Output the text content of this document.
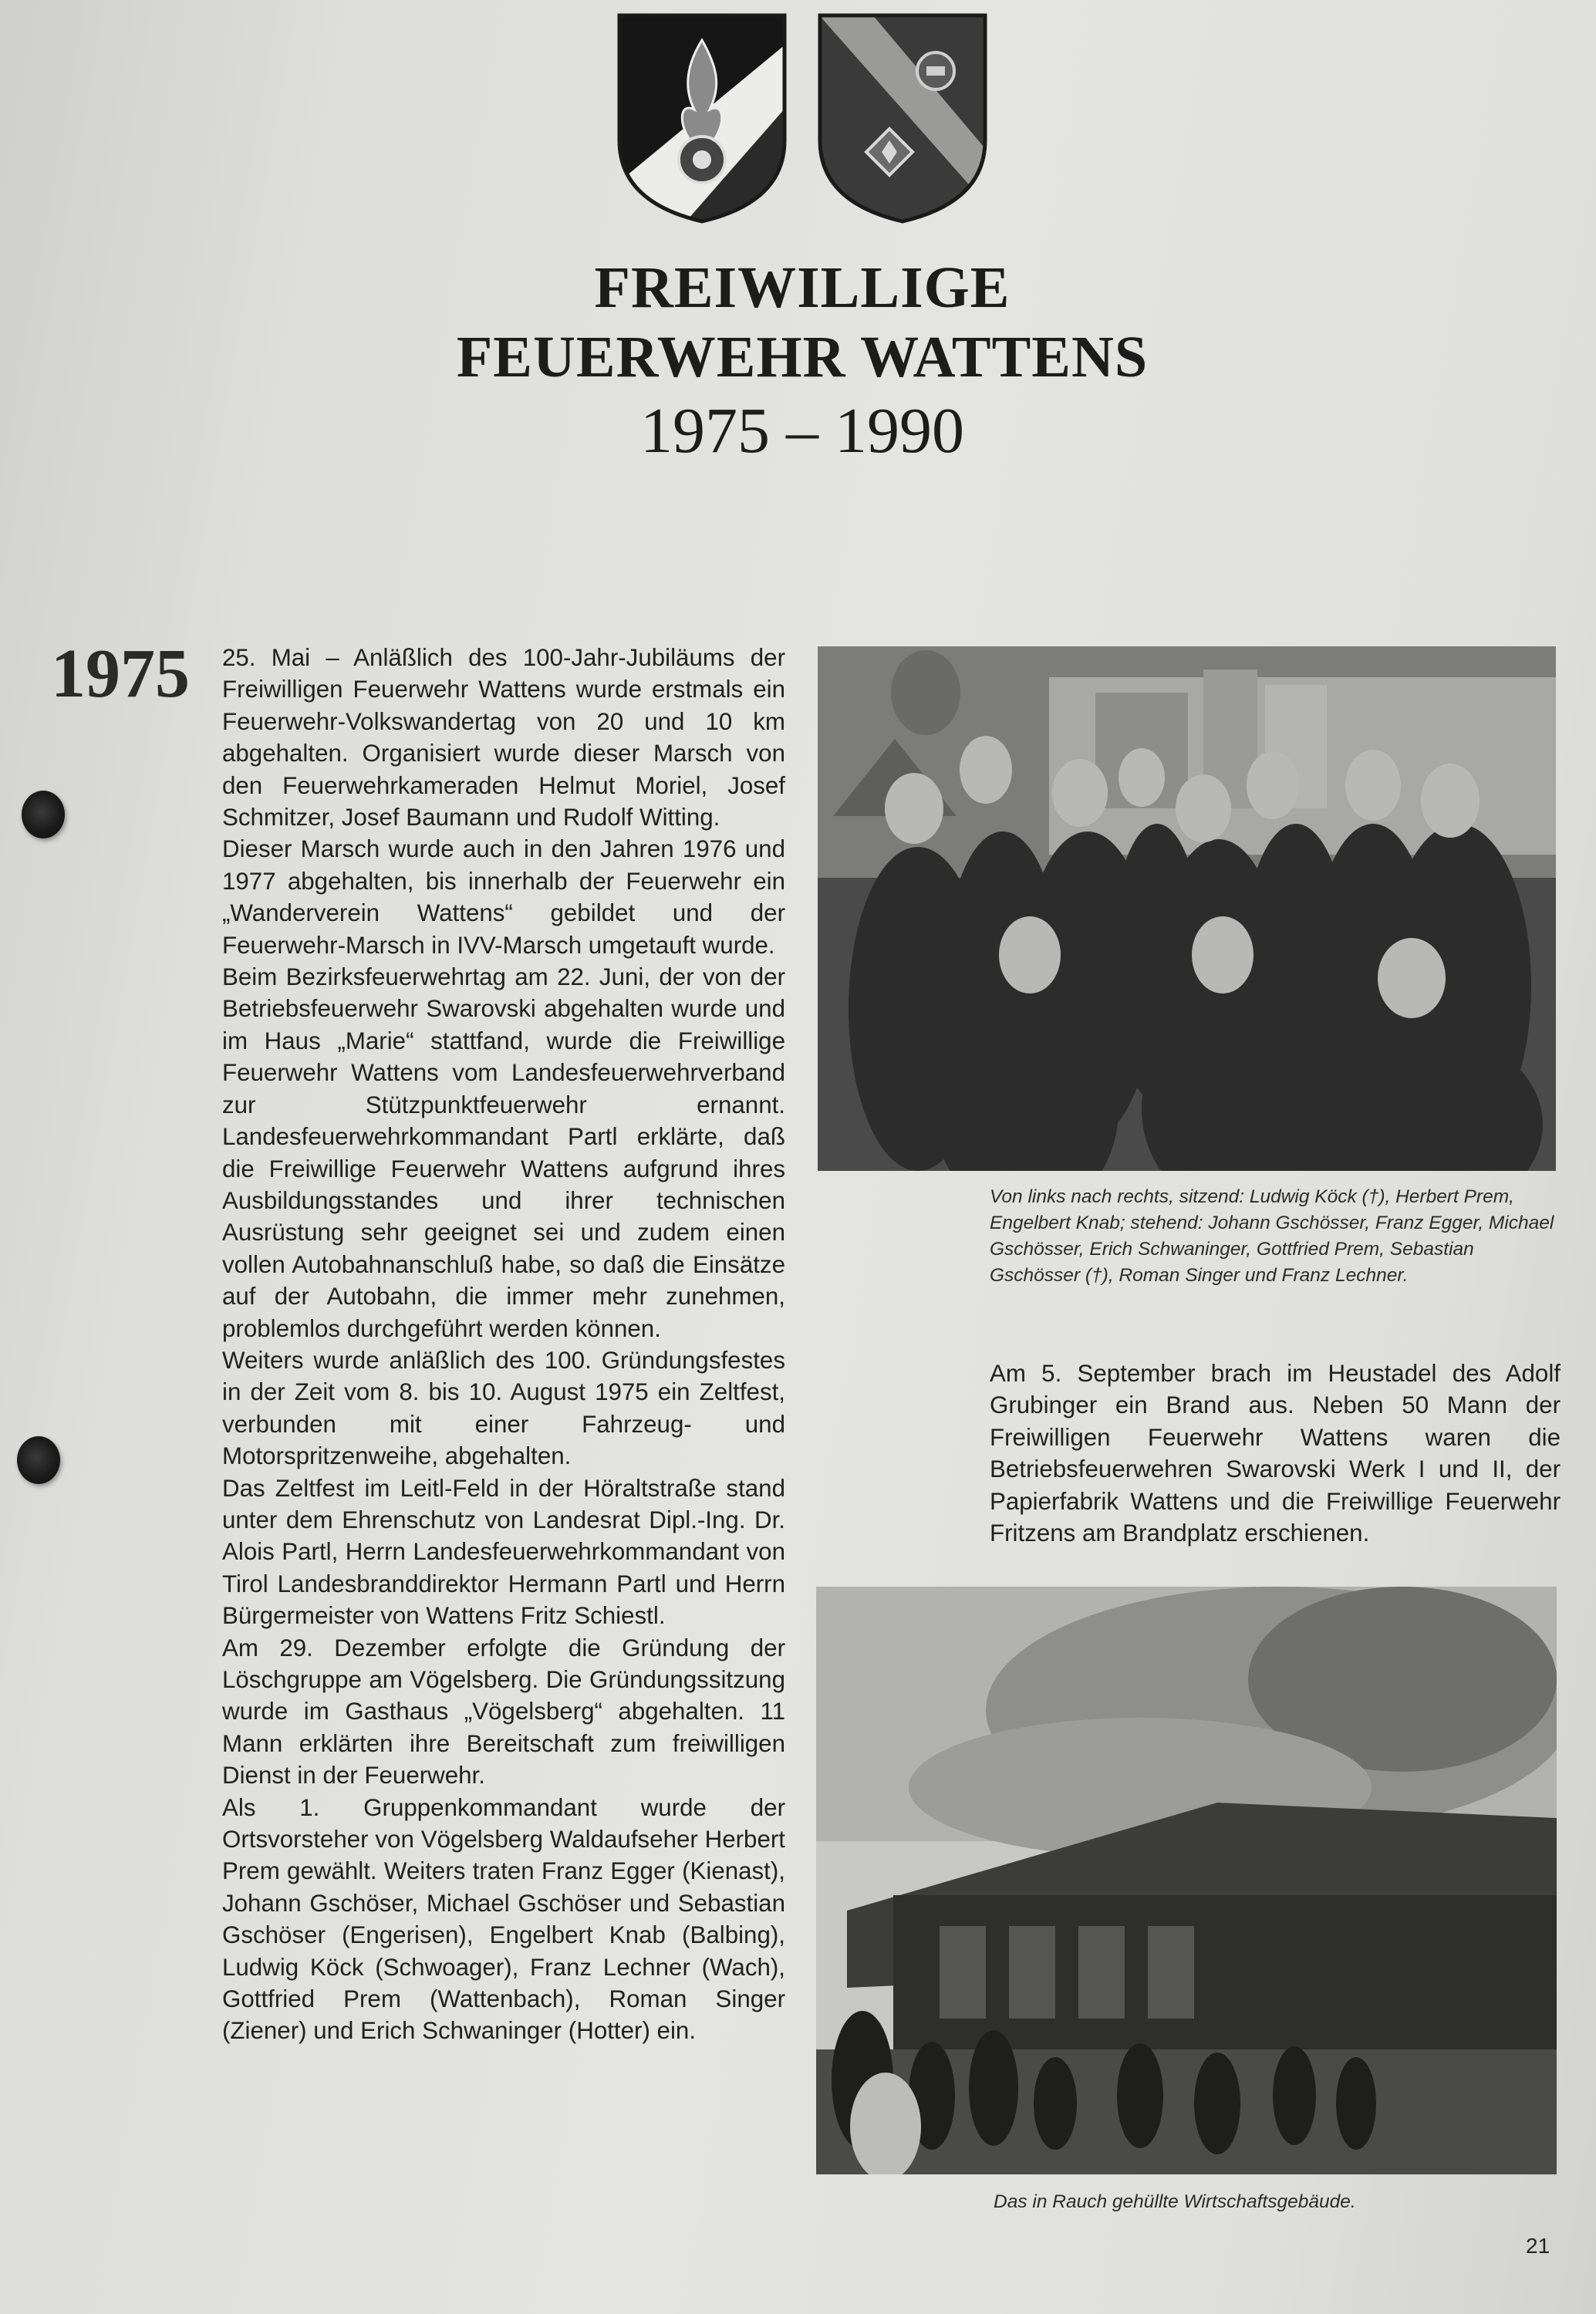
FREIWILLIGE
FEUERWEHR WATTENS
1975 – 1990
1975 25. Mai – Anläßlich des 100-Jahr-Jubiläums der Freiwilligen Feuerwehr Wattens wurde erstmals ein Feuerwehr-Volkswandertag von 20 und 10 km abgehalten. Organisiert wurde dieser Marsch von den Feuerwehrkameraden Helmut Moriel, Josef Schmitzer, Josef Baumann und Rudolf Witting.

Dieser Marsch wurde auch in den Jahren 1976 und 1977 abgehalten, bis innerhalb der Feuerwehr ein „Wanderverein Wattens“ gebildet und der Feuerwehr-Marsch in IVV-Marsch umgetauft wurde.

Beim Bezirksfeuerwehrtag am 22. Juni, der von der Betriebsfeuerwehr Swarovski abgehalten wurde und im Haus „Marie“ stattfand, wurde die Freiwillige Feuerwehr Wattens vom Landesfeuerwehrverband zur Stützpunktfeuerwehr ernannt. Landesfeuerwehrkommandant Partl erklärte, daß die Freiwillige Feuerwehr Wattens aufgrund ihres Ausbildungsstandes und ihrer technischen Ausrüstung sehr geeignet sei und zudem einen vollen Autobahnanschluß habe, so daß die Einsätze auf der Autobahn, die immer mehr zunehmen, problemlos durchgeführt werden können.

Weiters wurde anläßlich des 100. Gründungsfestes in der Zeit vom 8. bis 10. August 1975 ein Zeltfest, verbunden mit einer Fahrzeug- und Motorspritzenweihe, abgehalten.

Das Zeltfest im Leitl-Feld in der Höraltstraße stand unter dem Ehrenschutz von Landesrat Dipl.-Ing. Dr. Alois Partl, Herrn Landesfeuerwehrkommandant von Tirol Landesbranddirektor Hermann Partl und Herrn Bürgermeister von Wattens Fritz Schiestl.

Am 29. Dezember erfolgte die Gründung der Löschgruppe am Vögelsberg. Die Gründungssitzung wurde im Gasthaus „Vögelsberg“ abgehalten. 11 Mann erklärten ihre Bereitschaft zum freiwilligen Dienst in der Feuerwehr.

Als 1. Gruppenkommandant wurde der Ortsvorsteher von Vögelsberg Waldaufseher Herbert Prem gewählt. Weiters traten Franz Egger (Kienast), Johann Gschöser, Michael Gschöser und Sebastian Gschöser (Engerisen), Engelbert Knab (Balbing), Ludwig Köck (Schwoager), Franz Lechner (Wach), Gottfried Prem (Wattenbach), Roman Singer (Ziener) und Erich Schwaninger (Hotter) ein.

Von links nach rechts, sitzend: Ludwig Köck (†), Herbert Prem, Engelbert Knab; stehend: Johann Gschösser, Franz Egger, Michael Gschösser, Erich Schwaninger, Gottfried Prem, Sebastian Gschösser (†), Roman Singer und Franz Lechner.
Am 5. September brach im Heustadel des Adolf Grubinger ein Brand aus. Neben 50 Mann der Freiwilligen Feuerwehr Wattens waren die Betriebsfeuerwehren Swarovski Werk I und II, der Papierfabrik Wattens und die Freiwillige Feuerwehr Fritzens am Brandplatz erschienen.
Das in Rauch gehüllte Wirtschaftsgebäude.
21
